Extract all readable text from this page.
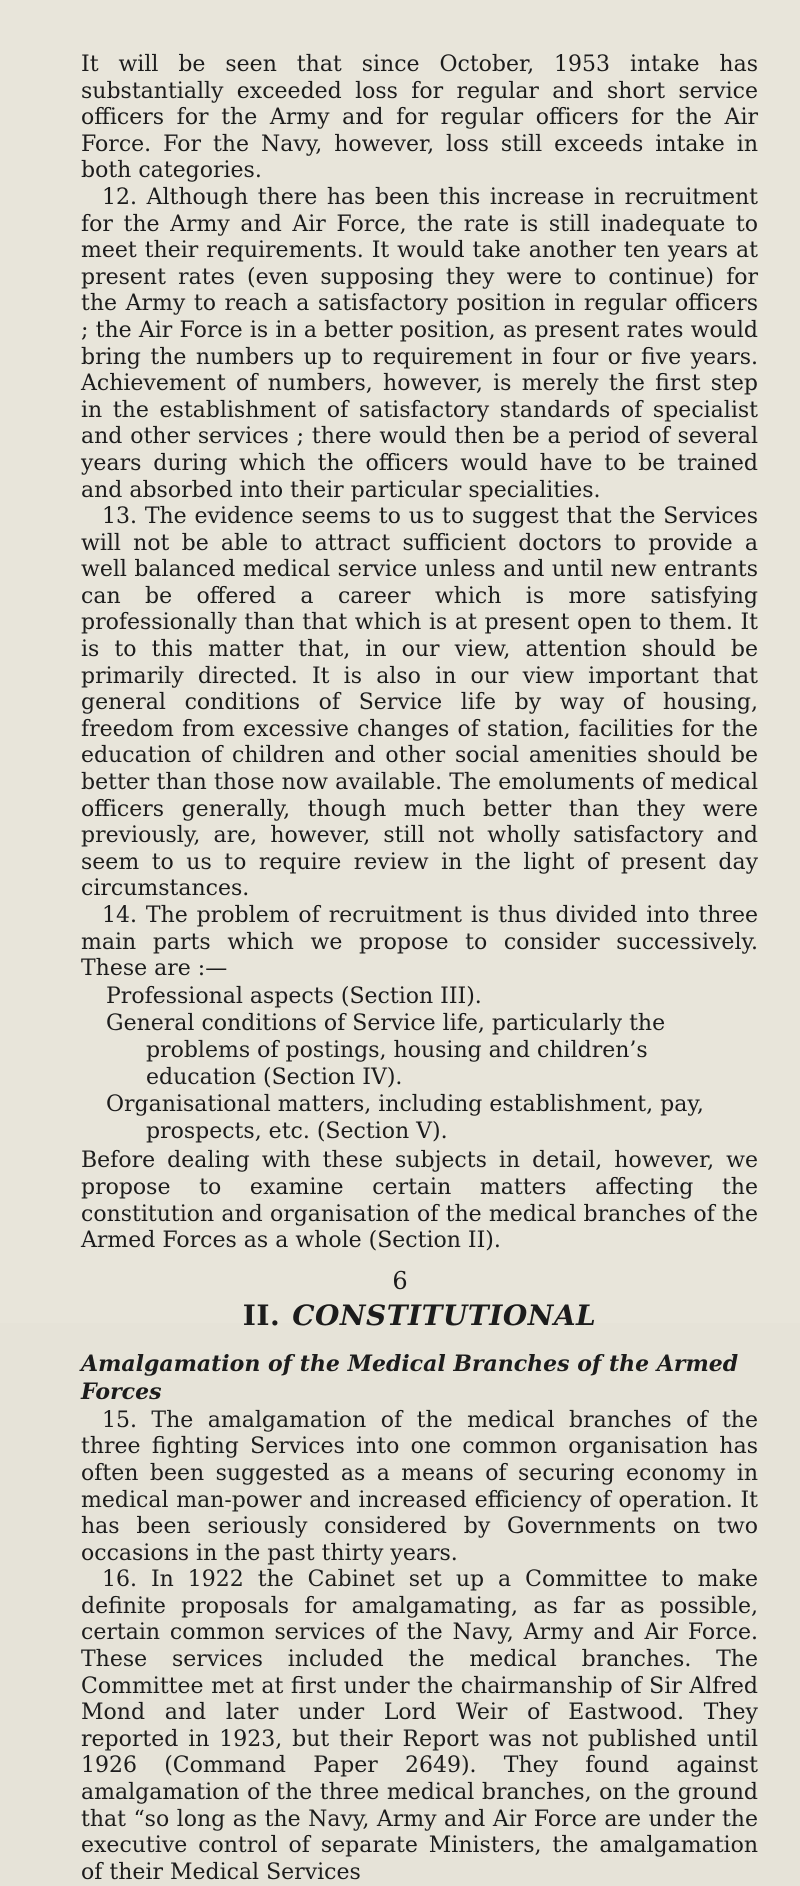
It will be seen that since October, 1953 intake has substantially exceeded loss for regular and short service officers for the Army and for regular officers for the Air Force. For the Navy, however, loss still exceeds intake in both categories.

12. Although there has been this increase in recruitment for the Army and Air Force, the rate is still inadequate to meet their requirements. It would take another ten years at present rates (even supposing they were to continue) for the Army to reach a satisfactory position in regular officers ; the Air Force is in a better position, as present rates would bring the numbers up to requirement in four or five years. Achievement of numbers, however, is merely the first step in the establishment of satisfactory standards of specialist and other services ; there would then be a period of several years during which the officers would have to be trained and absorbed into their particular specialities.

13. The evidence seems to us to suggest that the Services will not be able to attract sufficient doctors to provide a well balanced medical service unless and until new entrants can be offered a career which is more satisfying professionally than that which is at present open to them. It is to this matter that, in our view, attention should be primarily directed. It is also in our view important that general conditions of Service life by way of housing, freedom from excessive changes of station, facilities for the education of children and other social amenities should be better than those now available. The emoluments of medical officers generally, though much better than they were previously, are, however, still not wholly satisfactory and seem to us to require review in the light of present day circumstances.

14. The problem of recruitment is thus divided into three main parts which we propose to consider successively. These are :—

Professional aspects (Section III).
General conditions of Service life, particularly the problems of postings, housing and children’s education (Section IV).
Organisational matters, including establishment, pay, prospects, etc. (Section V).

Before dealing with these subjects in detail, however, we propose to examine certain matters affecting the constitution and organisation of the medical branches of the Armed Forces as a whole (Section II).

II. CONSTITUTIONAL
Amalgamation of the Medical Branches of the Armed Forces

15. The amalgamation of the medical branches of the three fighting Services into one common organisation has often been suggested as a means of securing economy in medical man-power and increased efficiency of operation. It has been seriously considered by Governments on two occasions in the past thirty years.

16. In 1922 the Cabinet set up a Committee to make definite proposals for amalgamating, as far as possible, certain common services of the Navy, Army and Air Force. These services included the medical branches. The Committee met at first under the chairmanship of Sir Alfred Mond and later under Lord Weir of Eastwood. They reported in 1923, but their Report was not published until 1926 (Command Paper 2649). They found against amalgamation of the three medical branches, on the ground that “so long as the Navy, Army and Air Force are under the executive control of separate Ministers, the amalgamation of their Medical Services

6
